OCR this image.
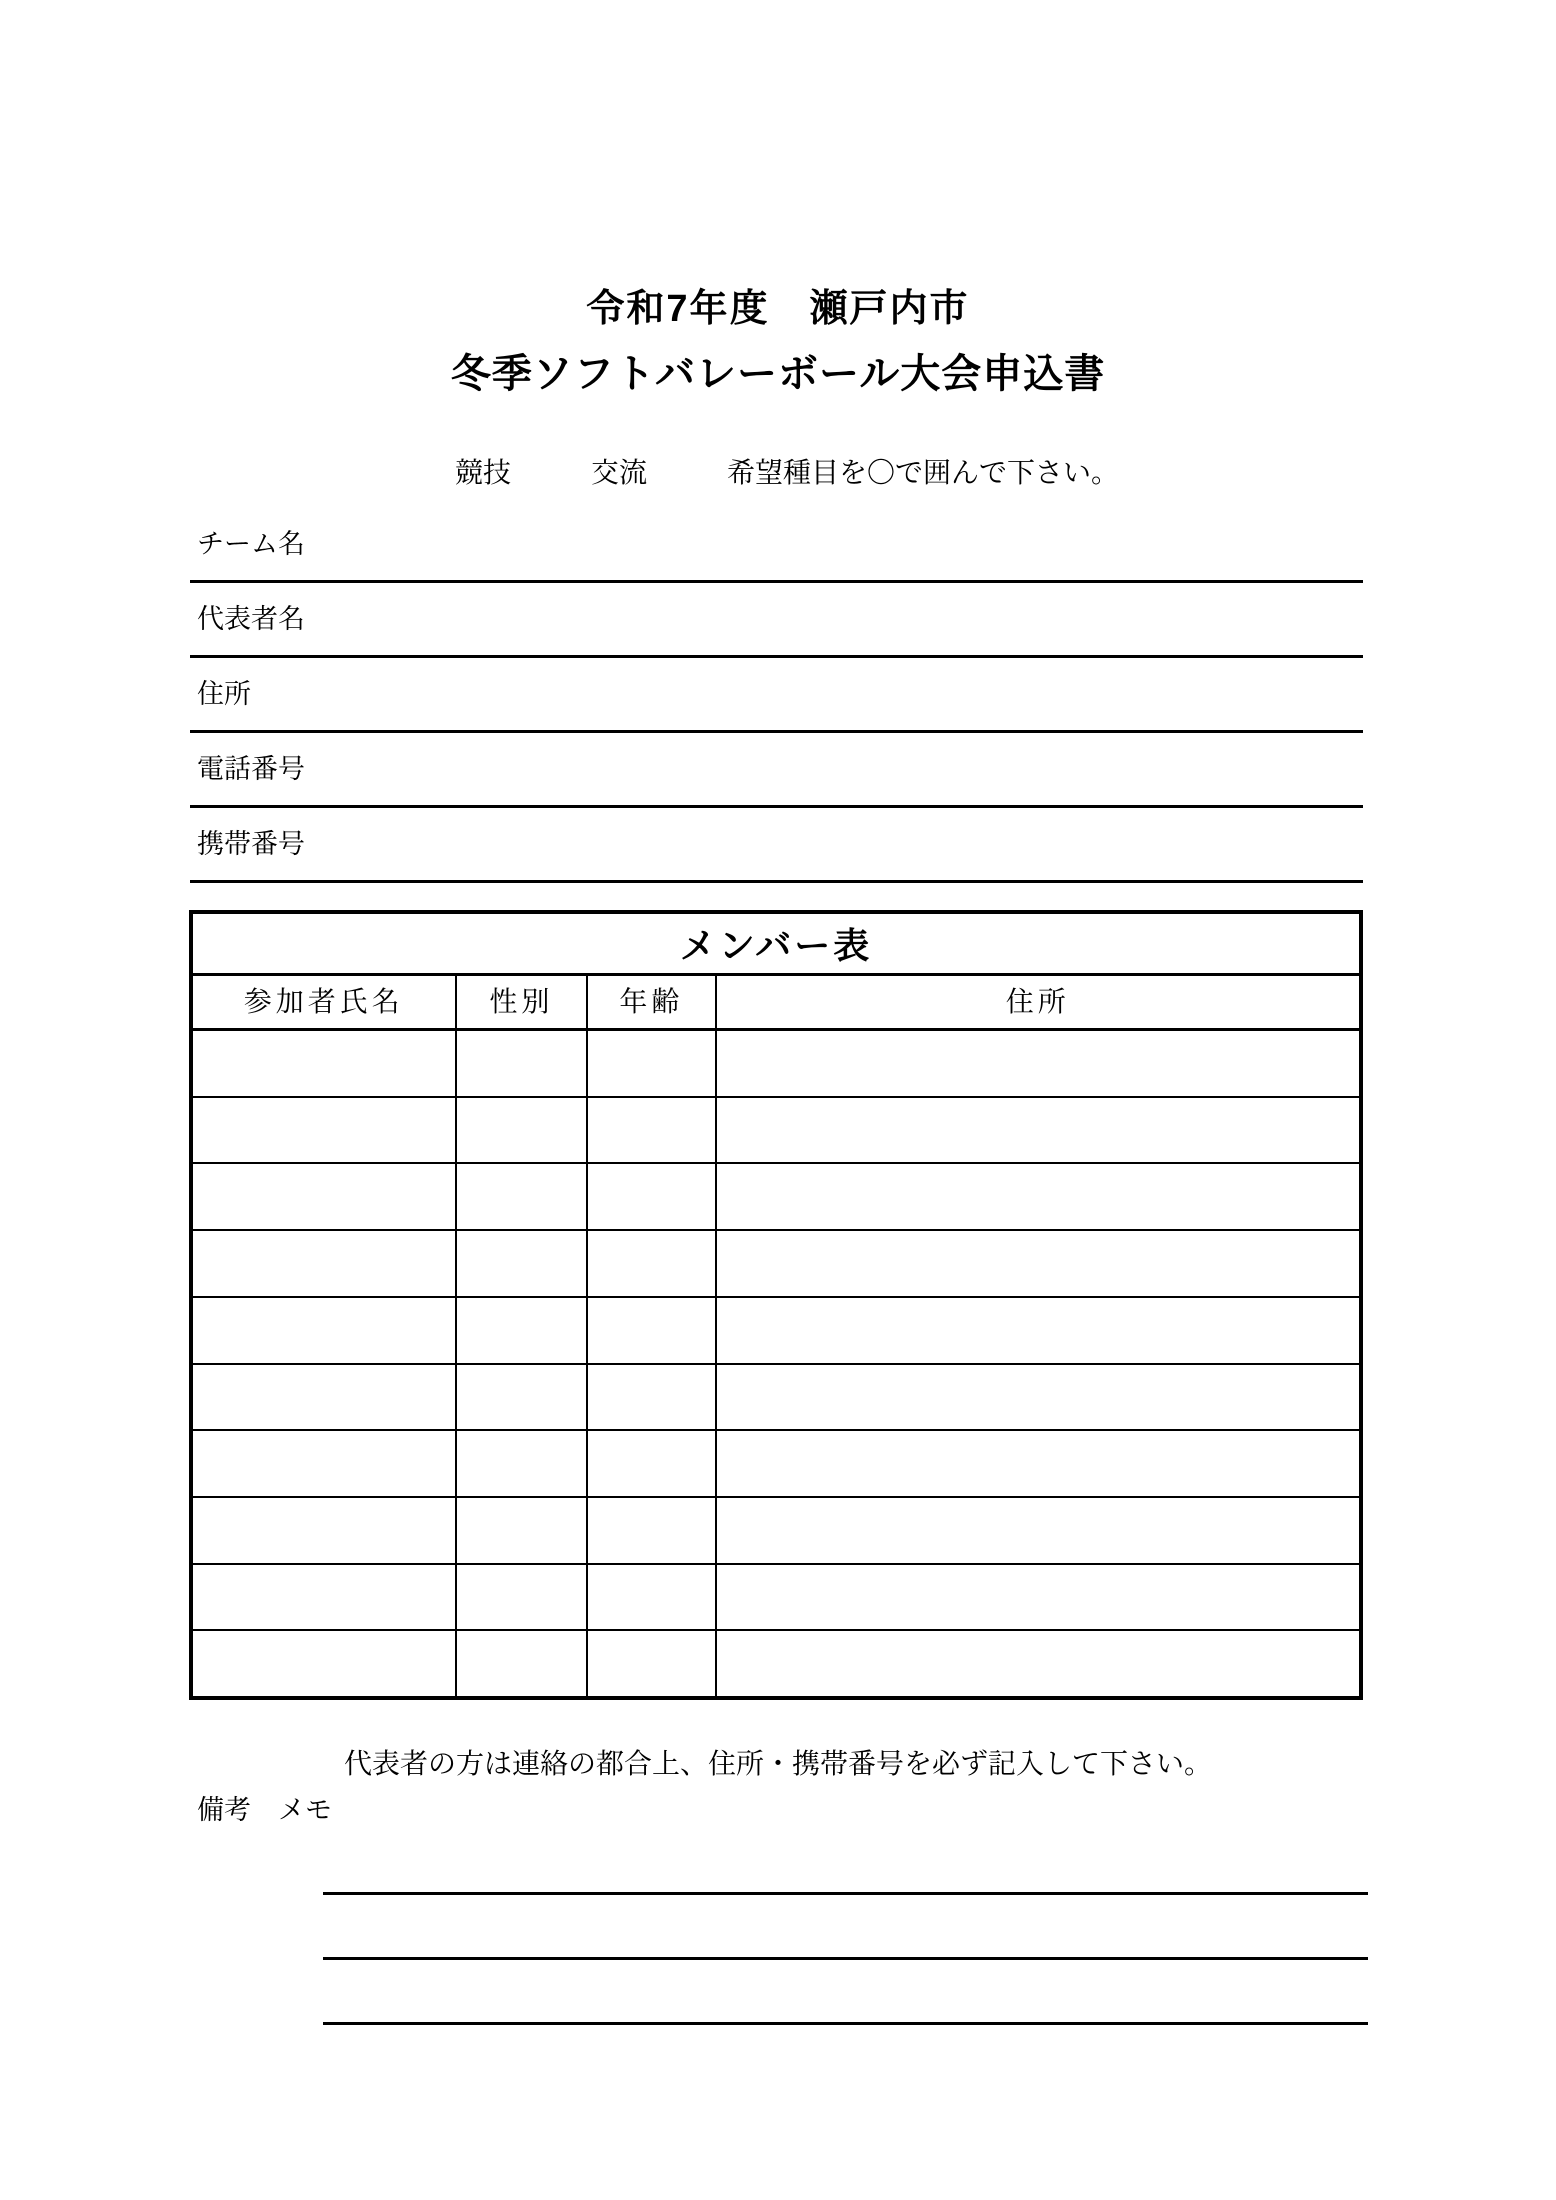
令和7年度　瀬戸内市
冬季ソフトバレーボール大会申込書
競技	交流	希望種目を〇で囲んで下さい。
チーム名
代表者名
住所
電話番号
携帯番号
メンバー表
参加者氏名	性別	年齢	住所
代表者の方は連絡の都合上、住所・携帯番号を必ず記入して下さい。
備考　メモ
